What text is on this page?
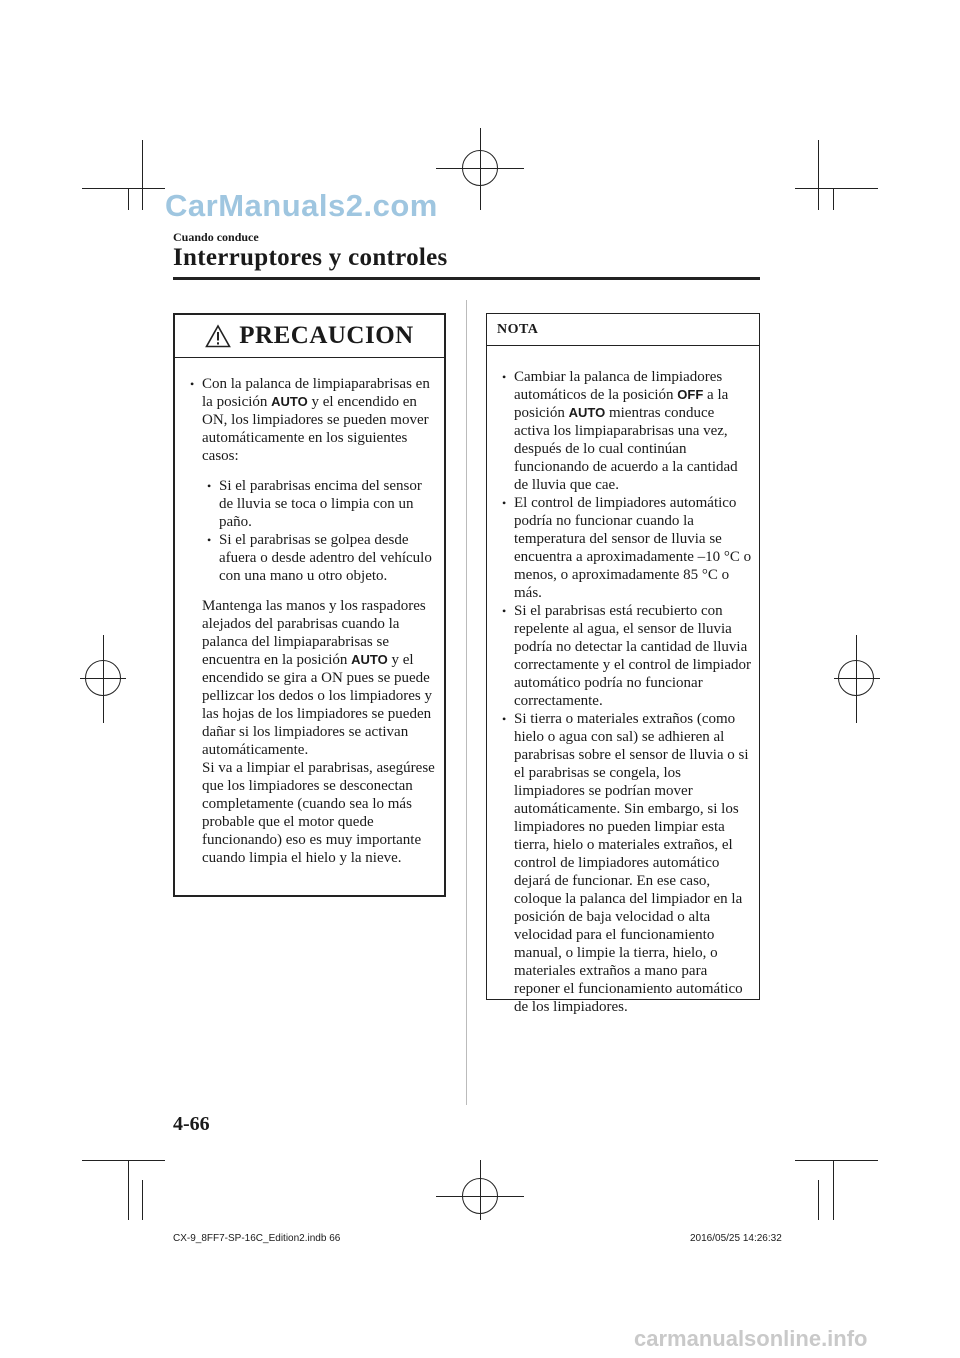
CarManuals2.com
Cuando conduce
Interruptores y controles
PRECAUCION
• Con la palanca de limpiaparabrisas en la posición AUTO y el encendido en ON, los limpiadores se pueden mover automáticamente en los siguientes casos:
• Si el parabrisas encima del sensor de lluvia se toca o limpia con un paño.
• Si el parabrisas se golpea desde afuera o desde adentro del vehículo con una mano u otro objeto.
Mantenga las manos y los raspadores alejados del parabrisas cuando la palanca del limpiaparabrisas se encuentra en la posición AUTO y el encendido se gira a ON pues se puede pellizcar los dedos o los limpiadores y las hojas de los limpiadores se pueden dañar si los limpiadores se activan automáticamente.
Si va a limpiar el parabrisas, asegúrese que los limpiadores se desconectan completamente (cuando sea lo más probable que el motor quede funcionando) eso es muy importante cuando limpia el hielo y la nieve.
NOTA
• Cambiar la palanca de limpiadores automáticos de la posición OFF a la posición AUTO mientras conduce activa los limpiaparabrisas una vez, después de lo cual continúan funcionando de acuerdo a la cantidad de lluvia que cae.
• El control de limpiadores automático podría no funcionar cuando la temperatura del sensor de lluvia se encuentra a aproximadamente –10 °C o menos, o aproximadamente 85 °C o más.
• Si el parabrisas está recubierto con repelente al agua, el sensor de lluvia podría no detectar la cantidad de lluvia correctamente y el control de limpiador automático podría no funcionar correctamente.
• Si tierra o materiales extraños (como hielo o agua con sal) se adhieren al parabrisas sobre el sensor de lluvia o si el parabrisas se congela, los limpiadores se podrían mover automáticamente. Sin embargo, si los limpiadores no pueden limpiar esta tierra, hielo o materiales extraños, el control de limpiadores automático dejará de funcionar. En ese caso, coloque la palanca del limpiador en la posición de baja velocidad o alta velocidad para el funcionamiento manual, o limpie la tierra, hielo, o materiales extraños a mano para reponer el funcionamiento automático de los limpiadores.
4-66
CX-9_8FF7-SP-16C_Edition2.indb 66	2016/05/25 14:26:32
carmanualsonline.info
